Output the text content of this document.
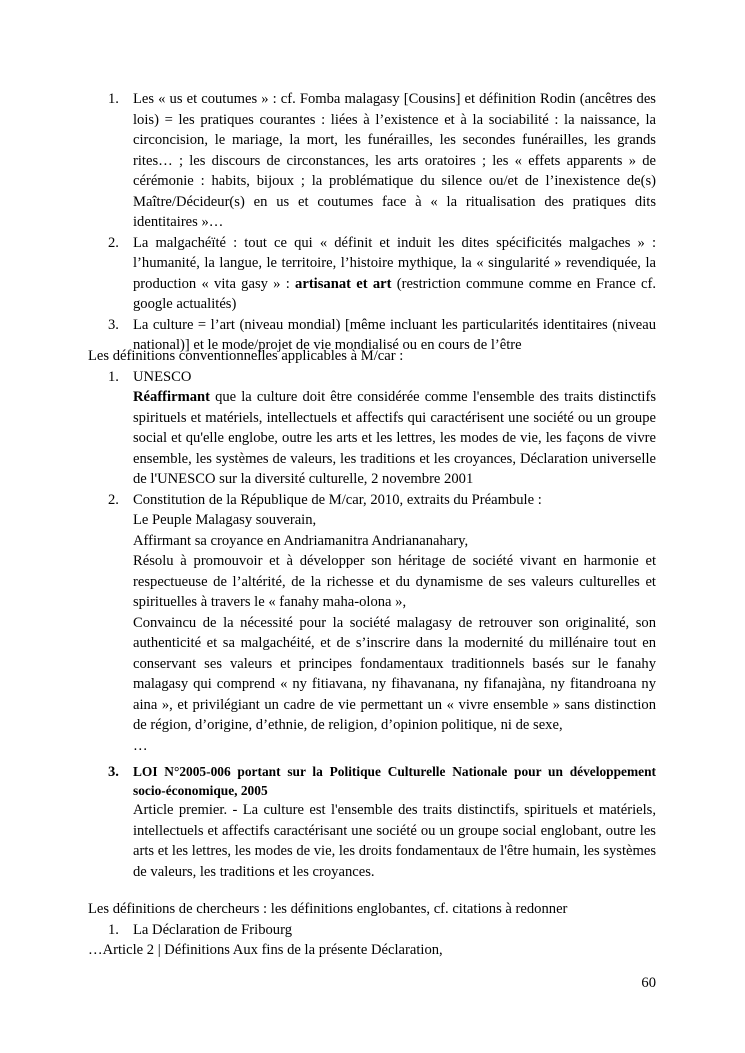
1. Les « us et coutumes » : cf. Fomba malagasy [Cousins] et définition Rodin (ancêtres des lois) = les pratiques courantes : liées à l’existence et à la sociabilité : la naissance, la circoncision, le mariage, la mort, les funérailles, les secondes funérailles, les grands rites… ; les discours de circonstances, les arts oratoires ; les « effets apparents » de cérémonie : habits, bijoux ; la problématique du silence ou/et de l’inexistence de(s) Maître/Décideur(s) en us et coutumes face à « la ritualisation des pratiques dits identitaires »…
2. La malgachéïté : tout ce qui « définit et induit les dites spécificités malgaches » : l’humanité, la langue, le territoire, l’histoire mythique, la « singularité » revendiquée, la production « vita gasy » : artisanat et art (restriction commune comme en France cf. google actualités)
3. La culture = l’art (niveau mondial) [même incluant les particularités identitaires (niveau national)] et le mode/projet de vie mondialisé ou en cours de l’être
Les définitions conventionnelles applicables à M/car :
1. UNESCO
Réaffirmant que la culture doit être considérée comme l'ensemble des traits distinctifs spirituels et matériels, intellectuels et affectifs qui caractérisent une société ou un groupe social et qu'elle englobe, outre les arts et les lettres, les modes de vie, les façons de vivre ensemble, les systèmes de valeurs, les traditions et les croyances, Déclaration universelle de l'UNESCO sur la diversité culturelle, 2 novembre 2001
2. Constitution de la République de M/car, 2010, extraits du Préambule :
Le Peuple Malagasy souverain,
Affirmant sa croyance en Andriamanitra Andriananahary,
Résolu à promouvoir et à développer son héritage de société vivant en harmonie et respectueuse de l’altérité, de la richesse et du dynamisme de ses valeurs culturelles et spirituelles à travers le « fanahy maha-olona »,
Convaincu de la nécessité pour la société malagasy de retrouver son originalité, son authenticité et sa malgachéité, et de s’inscrire dans la modernité du millénaire tout en conservant ses valeurs et principes fondamentaux traditionnels basés sur le fanahy malagasy qui comprend « ny fitiavana, ny fihavanana, ny fifanajàna, ny fitandroana ny aina », et privilégiant un cadre de vie permettant un « vivre ensemble » sans distinction de région, d’origine, d’ethnie, de religion, d’opinion politique, ni de sexe,
…
3. LOI N°2005-006 portant sur la Politique Culturelle Nationale pour un développement socio-économique, 2005
Article premier. - La culture est l'ensemble des traits distinctifs, spirituels et matériels, intellectuels et affectifs caractérisant une société ou un groupe social englobant, outre les arts et les lettres, les modes de vie, les droits fondamentaux de l'être humain, les systèmes de valeurs, les traditions et les croyances.
Les définitions de chercheurs : les définitions englobantes, cf. citations à redonner
1. La Déclaration de Fribourg
…Article 2 | Définitions Aux fins de la présente Déclaration,
60
